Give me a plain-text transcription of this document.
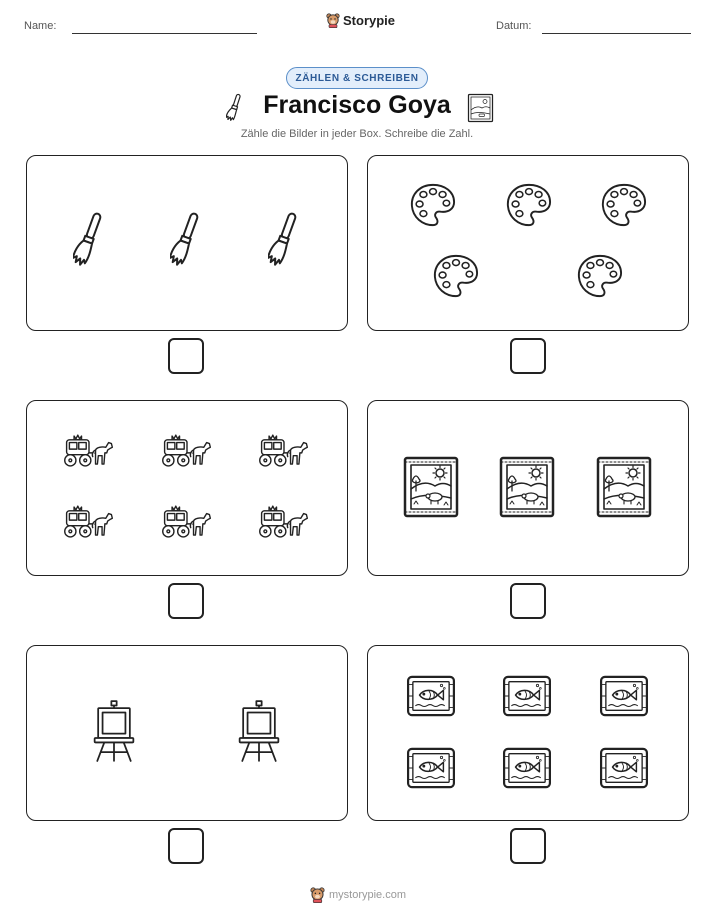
Name:	Storypie	Datum:
ZÄHLEN & SCHREIBEN
Francisco Goya
Zähle die Bilder in jeder Box. Schreibe die Zahl.
mystorypie.com
